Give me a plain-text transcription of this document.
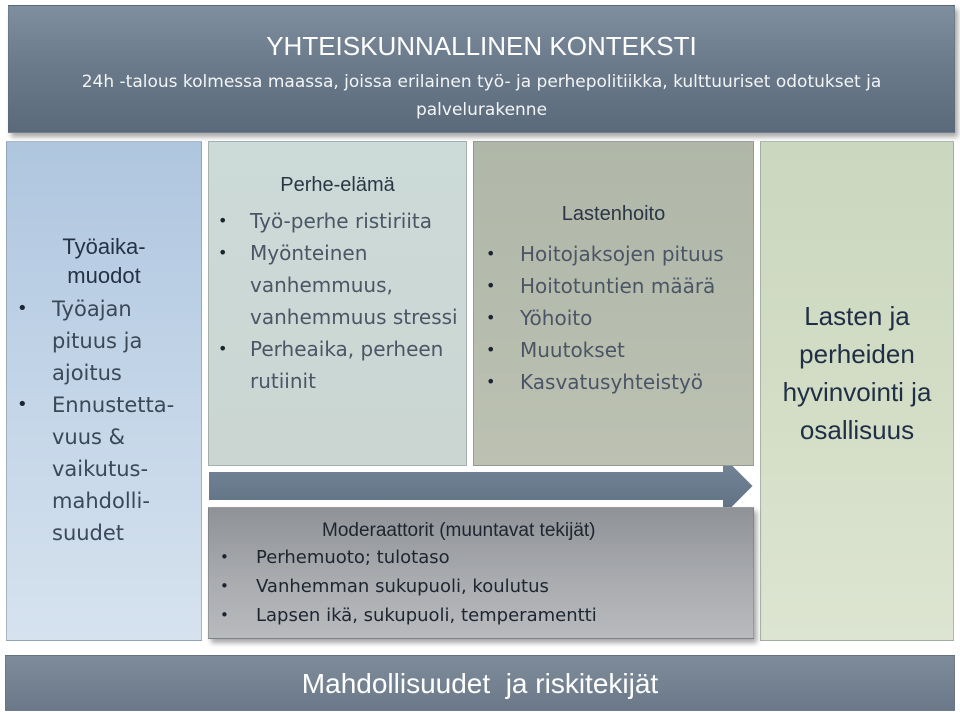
YHTEISKUNNALLINEN KONTEKSTI
24h -talous kolmessa maassa, joissa erilainen työ- ja perhepolitiikka, kulttuuriset odotukset ja palvelurakenne
Työaika-
muodot
• Työajan pituus ja ajoitus
• Ennustetta-vuus & vaikutus-mahdolli-suudet
Perhe-elämä
• Työ-perhe ristiriita
• Myönteinen vanhemmuus, vanhemmuus stressi
• Perheaika, perheen rutiinit
Lastenhoito
• Hoitojaksojen pituus
• Hoitotuntien määrä
• Yöhoito
• Muutokset
• Kasvatusyhteistyö
Lasten ja
perheiden
hyvinvointi ja
osallisuus
Moderaattorit (muuntavat tekijät)
• Perhemuoto; tulotaso
• Vanhemman sukupuoli, koulutus
• Lapsen ikä, sukupuoli, temperamentti
Mahdollisuudet  ja riskitekijät
